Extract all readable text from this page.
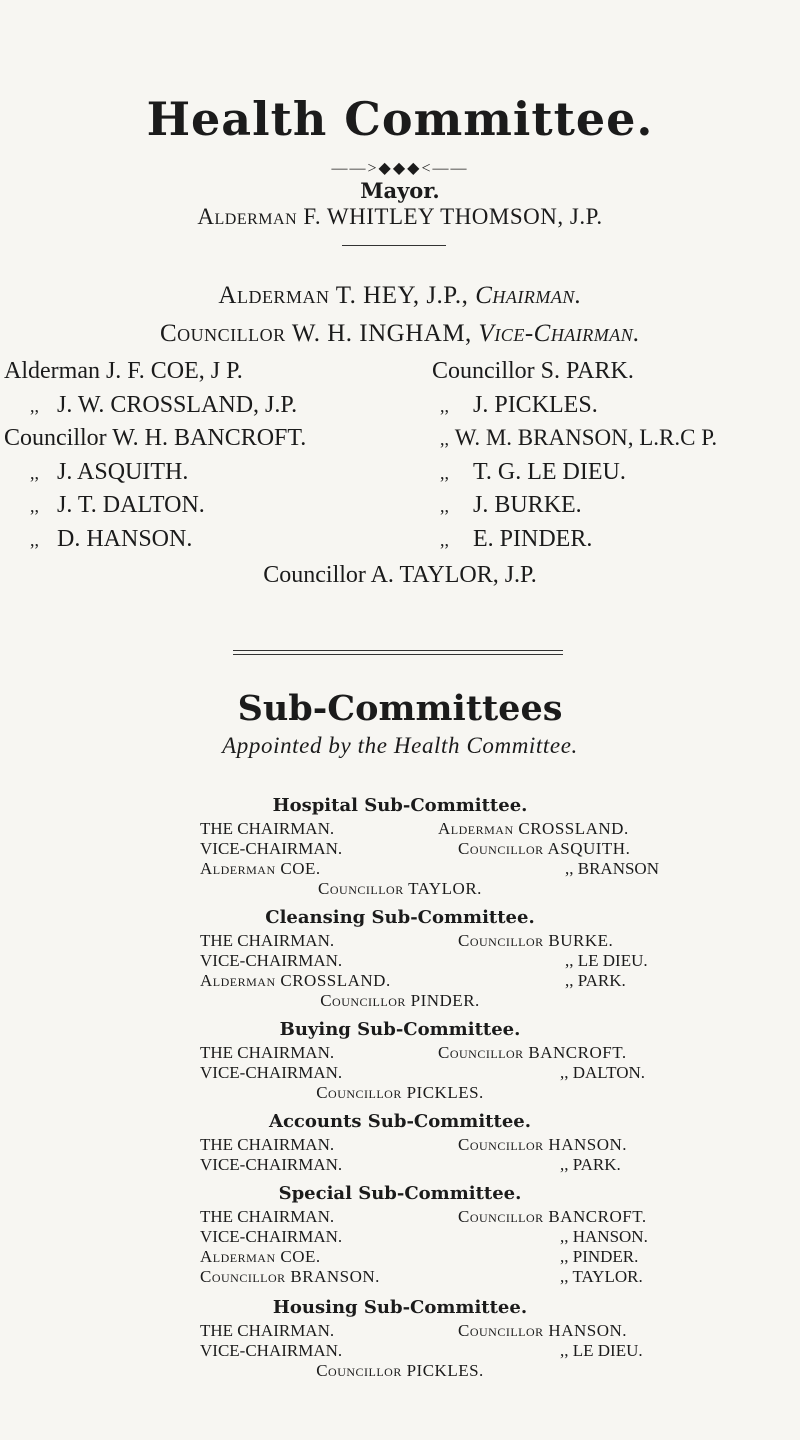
Health Committee.
——>◆◆◆<——
Mayor.
Alderman F. WHITLEY THOMSON, J.P.
Alderman T. HEY, J.P., Chairman.
Councillor W. H. INGHAM, Vice-Chairman.
Alderman J. F. COE, J P.
,, J. W. CROSSLAND, J.P.
Councillor W. H. BANCROFT.
,, J. ASQUITH.
,, J. T. DALTON.
,, D. HANSON.
Councillor S. PARK.
,, J. PICKLES.
,, W. M. BRANSON, L.R.C P.
,, T. G. LE DIEU.
,, J. BURKE.
,, E. PINDER.
Councillor A. TAYLOR, J.P.
Sub-Committees
Appointed by the Health Committee.
Hospital Sub-Committee.
THE CHAIRMAN.
VICE-CHAIRMAN.
Alderman COE.
Alderman CROSSLAND.
Councillor ASQUITH.
,, BRANSON
Councillor TAYLOR.
Cleansing Sub-Committee.
THE CHAIRMAN.
VICE-CHAIRMAN.
Alderman CROSSLAND.
Councillor BURKE.
,, LE DIEU.
,, PARK.
Councillor PINDER.
Buying Sub-Committee.
THE CHAIRMAN.
VICE-CHAIRMAN.
Councillor BANCROFT.
,, DALTON.
Councillor PICKLES.
Accounts Sub-Committee.
THE CHAIRMAN.
VICE-CHAIRMAN.
Councillor HANSON.
,, PARK.
Special Sub-Committee.
THE CHAIRMAN.
VICE-CHAIRMAN.
Alderman COE.
Councillor BRANSON.
Councillor BANCROFT.
,, HANSON.
,, PINDER.
,, TAYLOR.
Housing Sub-Committee.
THE CHAIRMAN.
VICE-CHAIRMAN.
Councillor HANSON.
,, LE DIEU.
Councillor PICKLES.
